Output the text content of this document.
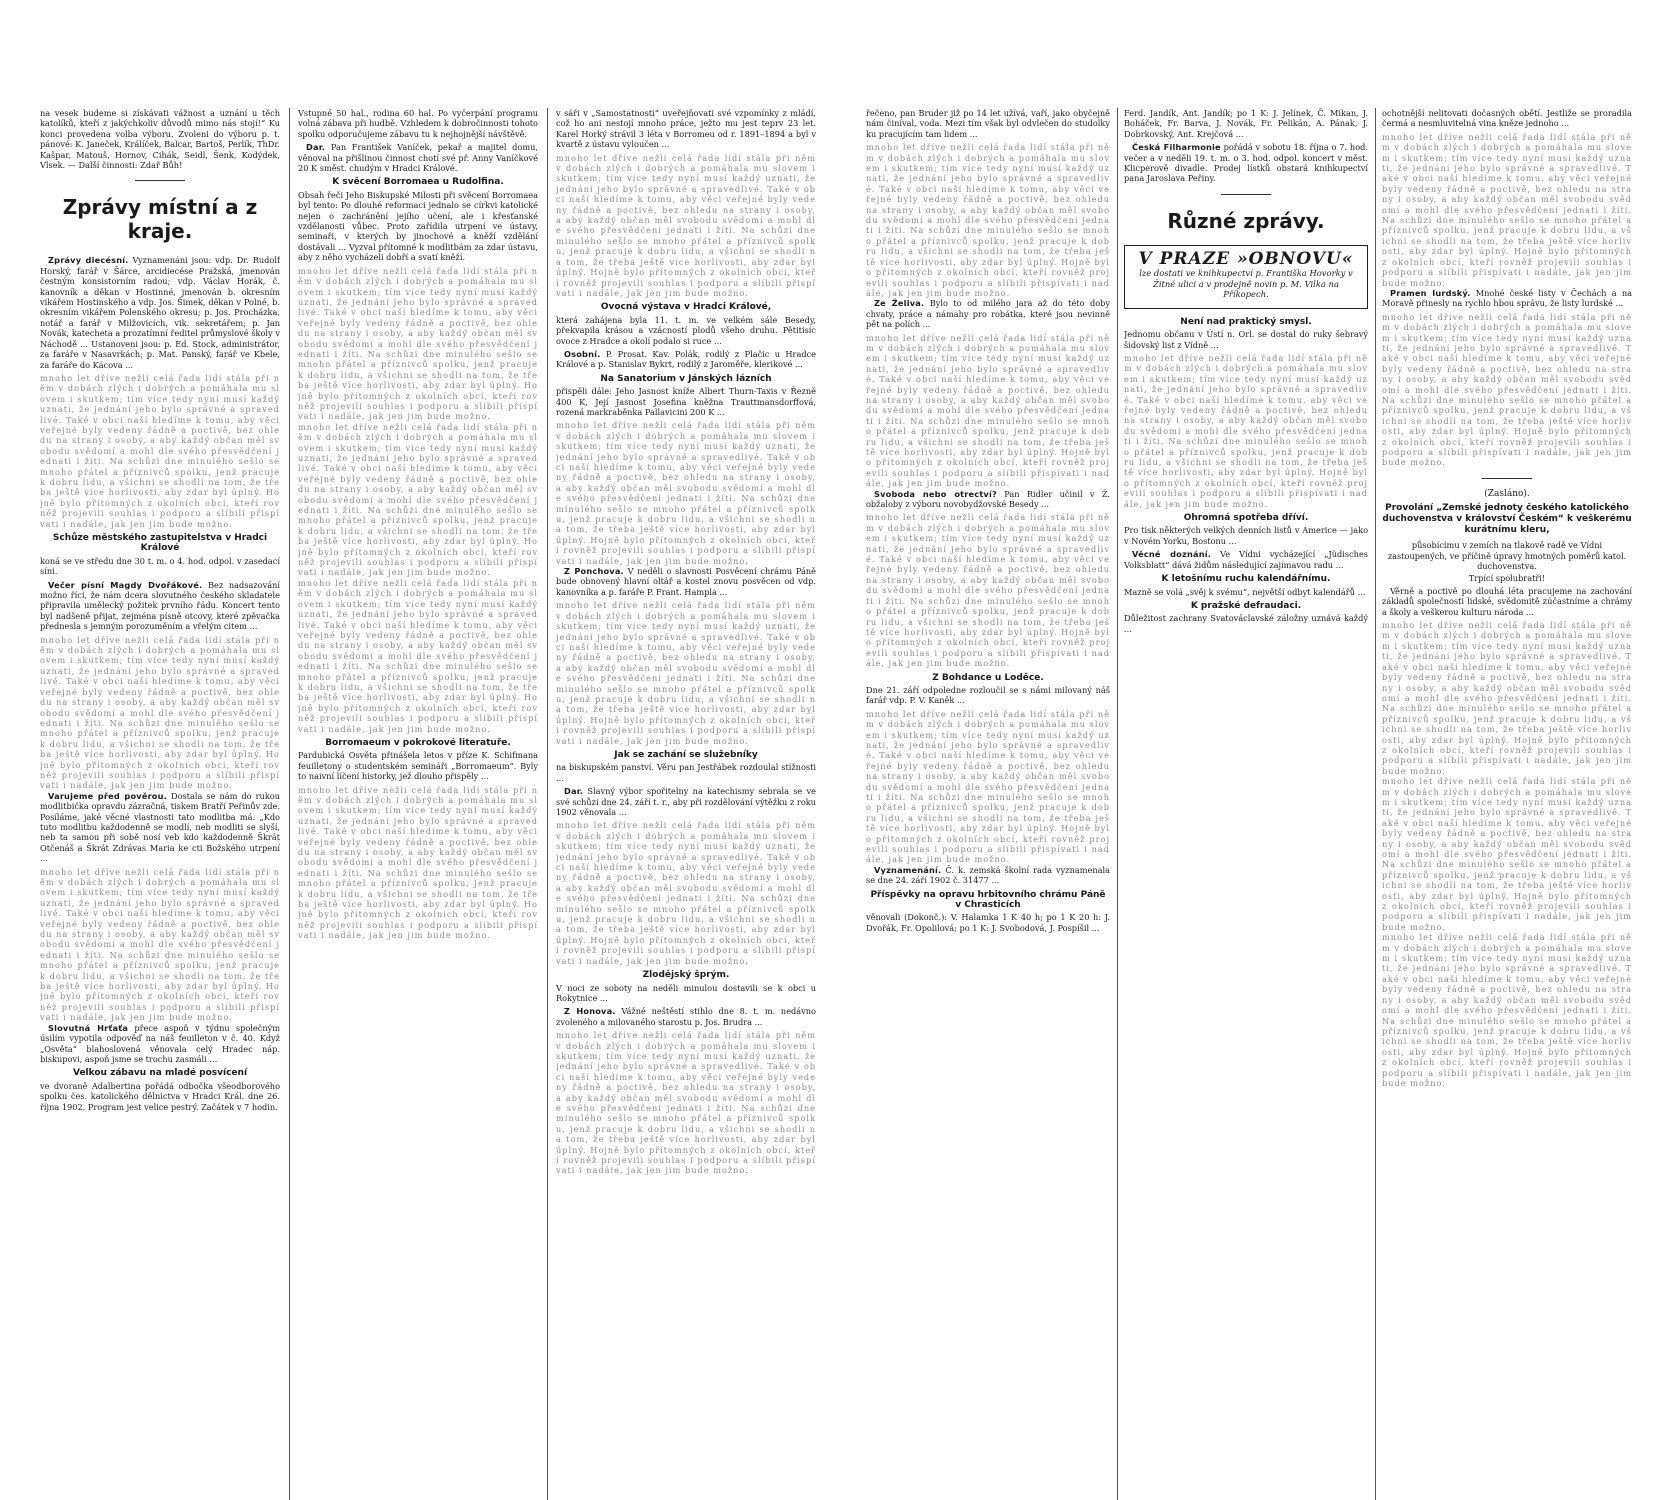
na vesek budeme si získávati vážnost a uznání u těch katolíků, kteří z jakýchkoliv důvodů mimo nás stojí!“ Ku konci provedena volba výboru. Zvoleni do výboru p. t. pánové: K. Janeček, Králíček, Balcar, Bartoš, Perlík, ThDr. Kašpar, Matouš, Hornov, Cihák, Seidl, Šenk, Kodýdek, Vlsek. — Další činnosti: Zdař Bůh!

Zprávy místní a z kraje.

Zprávy diecésní. Vyznamenáni jsou: vdp. Dr. Rudolf Horský, farář v Šárce, arcidiecése Pražská, jmenován čestným konsistorním radou; vdp. Václav Horák, č. kanovník a děkan v Hostinné, jmenován b. okresním vikářem Hostinského a vdp. Jos. Šimek, děkan v Polné, b. okresním vikářem Polenského okresu; p. Jos. Procházka, notář a farář v Milžovicích, vik. sekretářem; p. Jan Novák, katecheta a prozatímní ředitel průmyslové školy v Náchodě ... Ustanoveni jsou: p. Ed. Stock, administrátor, za faráře v Nasavrkách; p. Mat. Panský, farář ve Kbele, za faráře do Kácova ...

mnoho let dříve nežli celá řada lidí stála při něm v dobách zlých i dobrých a pomáhala mu slovem i skutkem; tím více tedy nyní musí každý uznati, že jednání jeho bylo správné a spravedlivé. Také v obci naší hledíme k tomu, aby věci veřejné byly vedeny řádně a poctivě, bez ohledu na strany i osoby, a aby každý občan měl svobodu svědomí a mohl dle svého přesvědčení jednati i žíti. Na schůzi dne minulého sešlo se mnoho přátel a příznivců spolku, jenž pracuje k dobru lidu, a všichni se shodli na tom, že třeba ještě více horlivosti, aby zdar byl úplný. Hojně bylo přítomných z okolních obcí, kteří rovněž projevili souhlas i podporu a slíbili přispívati i nadále, jak jen jim bude možno.
Schůze městského zastupitelstva v Hradci Králové

koná se ve středu dne 30 t. m. o 4. hod. odpol. v zasedací síni.

Večer písní Magdy Dvořákové. Bez nadsazování možno říci, že nám dcera slovutného českého skladatele připravila umělecký požitek prvního řádu. Koncert tento byl nadšeně přijat, zejména písně otcovy, které zpěvačka přednesla s jemným porozuměním a vřelým citem ...

mnoho let dříve nežli celá řada lidí stála při něm v dobách zlých i dobrých a pomáhala mu slovem i skutkem; tím více tedy nyní musí každý uznati, že jednání jeho bylo správné a spravedlivé. Také v obci naší hledíme k tomu, aby věci veřejné byly vedeny řádně a poctivě, bez ohledu na strany i osoby, a aby každý občan měl svobodu svědomí a mohl dle svého přesvědčení jednati i žíti. Na schůzi dne minulého sešlo se mnoho přátel a příznivců spolku, jenž pracuje k dobru lidu, a všichni se shodli na tom, že třeba ještě více horlivosti, aby zdar byl úplný. Hojně bylo přítomných z okolních obcí, kteří rovněž projevili souhlas i podporu a slíbili přispívati i nadále, jak jen jim bude možno.

Varujeme před pověrou. Dostala se nám do rukou modlitbička opravdu zázračná, tiskem Bratří Peřinův zde. Posíláme, jaké věcné vlastnosti tato modlitba má. „Kdo tuto modlitbu každodenně se modlí, neb modliti se slyší, neb ta samou při sobě nosí veb kdo každodenně Škrát Otčenáš a Škrát Zdrávas Maria ke cti Božského utrpení ...

mnoho let dříve nežli celá řada lidí stála při něm v dobách zlých i dobrých a pomáhala mu slovem i skutkem; tím více tedy nyní musí každý uznati, že jednání jeho bylo správné a spravedlivé. Také v obci naší hledíme k tomu, aby věci veřejné byly vedeny řádně a poctivě, bez ohledu na strany i osoby, a aby každý občan měl svobodu svědomí a mohl dle svého přesvědčení jednati i žíti. Na schůzi dne minulého sešlo se mnoho přátel a příznivců spolku, jenž pracuje k dobru lidu, a všichni se shodli na tom, že třeba ještě více horlivosti, aby zdar byl úplný. Hojně bylo přítomných z okolních obcí, kteří rovněž projevili souhlas i podporu a slíbili přispívati i nadále, jak jen jim bude možno.

Slovutná Hrťaťa přece aspoň v týdnu společným úsilím vypotila odpověď na náš feuilleton v č. 40. Když „Osvěta“ blahoslovená věnovala celý Hradec náp. biskupovi, aspoň jsme se trochu zasmáli ...

Velkou zábavu na mladé posvícení

ve dvoraně Adalbertina pořádá odbočka všeodborového spolku čes. katolického dělnictva v Hradci Král. dne 26. října 1902. Program jest velice pestrý. Začátek v 7 hodin.

Vstupné 50 hal., rodina 60 hal. Po vyčerpání programu volná zábava při hudbě. Vzhledem k dobročinnosti tohoto spolku odporučujeme zábavu tu k nejhojnější návštěvě.

Dar. Pan František Vaníček, pekař a majitel domu, věnoval na přišlinou činnost chotí své př. Anny Vaníčkové 20 K směst. chudým v Hradci Králové.

K svěcení Borromaea u Rudolfina.

Obsah řeči Jeho Biskupské Milosti při svěcení Borromaea byl tento: Po dlouhé reformaci jednalo se církvi katolické nejen o zachránění jejího učení, ale i křesťanské vzdělanosti vůbec. Proto zařídila utrpení ve ústavy, seminaři, v kterých by jinochové a kněží vzdělání dostávali ... Vyzval přítomné k modlitbám za zdar ústavu, aby z něho vycházeli dobří a svatí kněží.

mnoho let dříve nežli celá řada lidí stála při něm v dobách zlých i dobrých a pomáhala mu slovem i skutkem; tím více tedy nyní musí každý uznati, že jednání jeho bylo správné a spravedlivé. Také v obci naší hledíme k tomu, aby věci veřejné byly vedeny řádně a poctivě, bez ohledu na strany i osoby, a aby každý občan měl svobodu svědomí a mohl dle svého přesvědčení jednati i žíti. Na schůzi dne minulého sešlo se mnoho přátel a příznivců spolku, jenž pracuje k dobru lidu, a všichni se shodli na tom, že třeba ještě více horlivosti, aby zdar byl úplný. Hojně bylo přítomných z okolních obcí, kteří rovněž projevili souhlas i podporu a slíbili přispívati i nadále, jak jen jim bude možno.
mnoho let dříve nežli celá řada lidí stála při něm v dobách zlých i dobrých a pomáhala mu slovem i skutkem; tím více tedy nyní musí každý uznati, že jednání jeho bylo správné a spravedlivé. Také v obci naší hledíme k tomu, aby věci veřejné byly vedeny řádně a poctivě, bez ohledu na strany i osoby, a aby každý občan měl svobodu svědomí a mohl dle svého přesvědčení jednati i žíti. Na schůzi dne minulého sešlo se mnoho přátel a příznivců spolku, jenž pracuje k dobru lidu, a všichni se shodli na tom, že třeba ještě více horlivosti, aby zdar byl úplný. Hojně bylo přítomných z okolních obcí, kteří rovněž projevili souhlas i podporu a slíbili přispívati i nadále, jak jen jim bude možno.
mnoho let dříve nežli celá řada lidí stála při něm v dobách zlých i dobrých a pomáhala mu slovem i skutkem; tím více tedy nyní musí každý uznati, že jednání jeho bylo správné a spravedlivé. Také v obci naší hledíme k tomu, aby věci veřejné byly vedeny řádně a poctivě, bez ohledu na strany i osoby, a aby každý občan měl svobodu svědomí a mohl dle svého přesvědčení jednati i žíti. Na schůzi dne minulého sešlo se mnoho přátel a příznivců spolku, jenž pracuje k dobru lidu, a všichni se shodli na tom, že třeba ještě více horlivosti, aby zdar byl úplný. Hojně bylo přítomných z okolních obcí, kteří rovněž projevili souhlas i podporu a slíbili přispívati i nadále, jak jen jim bude možno.
Borromaeum v pokrokové literatuře.

Pardubická Osvěta přinášela letos v příze K. Schifmana feuilletony o studentském semináři „Borromaeum“. Byly to naivní líčení historky, jež dlouho přispěly ...

mnoho let dříve nežli celá řada lidí stála při něm v dobách zlých i dobrých a pomáhala mu slovem i skutkem; tím více tedy nyní musí každý uznati, že jednání jeho bylo správné a spravedlivé. Také v obci naší hledíme k tomu, aby věci veřejné byly vedeny řádně a poctivě, bez ohledu na strany i osoby, a aby každý občan měl svobodu svědomí a mohl dle svého přesvědčení jednati i žíti. Na schůzi dne minulého sešlo se mnoho přátel a příznivců spolku, jenž pracuje k dobru lidu, a všichni se shodli na tom, že třeba ještě více horlivosti, aby zdar byl úplný. Hojně bylo přítomných z okolních obcí, kteří rovněž projevili souhlas i podporu a slíbili přispívati i nadále, jak jen jim bude možno.

v sáři v „Samostatnosti“ uveřejňovati své vzpomínky z mládí, což ho ani nestojí mnoho práce, ježto mu jest teprv 23 let. Karel Horký strávil 3 léta v Borromeu od r. 1891–1894 a byl v kvartě z ústavu vyloučen ...

mnoho let dříve nežli celá řada lidí stála při něm v dobách zlých i dobrých a pomáhala mu slovem i skutkem; tím více tedy nyní musí každý uznati, že jednání jeho bylo správné a spravedlivé. Také v obci naší hledíme k tomu, aby věci veřejné byly vedeny řádně a poctivě, bez ohledu na strany i osoby, a aby každý občan měl svobodu svědomí a mohl dle svého přesvědčení jednati i žíti. Na schůzi dne minulého sešlo se mnoho přátel a příznivců spolku, jenž pracuje k dobru lidu, a všichni se shodli na tom, že třeba ještě více horlivosti, aby zdar byl úplný. Hojně bylo přítomných z okolních obcí, kteří rovněž projevili souhlas i podporu a slíbili přispívati i nadále, jak jen jim bude možno.
Ovocná výstava v Hradci Králové,

která zahájena byla 11. t. m. ve velkém sále Besedy, překvapila krásou a vzácností plodů všeho druhu. Pětitisíc ovoce z Hradce a okolí podalo si ruce ...

Osobní. P. Prosat. Kav. Polák, rodilý z Plačic u Hradce Králové a p. Stanislav Bykrt, rodilý z Jaroměře, klerikové ...

Na Sanatorium v Jánských lázních

přispěli dále: Jeho Jasnost kníže Albert Thurn-Taxis v Řezně 400 K, Její Jasnost Josefina kněžna Trauttmansdorffová, rozená markraběnka Pallavicini 200 K ...

mnoho let dříve nežli celá řada lidí stála při něm v dobách zlých i dobrých a pomáhala mu slovem i skutkem; tím více tedy nyní musí každý uznati, že jednání jeho bylo správné a spravedlivé. Také v obci naší hledíme k tomu, aby věci veřejné byly vedeny řádně a poctivě, bez ohledu na strany i osoby, a aby každý občan měl svobodu svědomí a mohl dle svého přesvědčení jednati i žíti. Na schůzi dne minulého sešlo se mnoho přátel a příznivců spolku, jenž pracuje k dobru lidu, a všichni se shodli na tom, že třeba ještě více horlivosti, aby zdar byl úplný. Hojně bylo přítomných z okolních obcí, kteří rovněž projevili souhlas i podporu a slíbili přispívati i nadále, jak jen jim bude možno.

Z Ponchova. V neděli o slavnosti Posvěcení chrámu Páně bude obnovený hlavní oltář a kostel znovu posvěcen od vdp. kanovníka a p. faráře P. Frant. Hampla ...

mnoho let dříve nežli celá řada lidí stála při něm v dobách zlých i dobrých a pomáhala mu slovem i skutkem; tím více tedy nyní musí každý uznati, že jednání jeho bylo správné a spravedlivé. Také v obci naší hledíme k tomu, aby věci veřejné byly vedeny řádně a poctivě, bez ohledu na strany i osoby, a aby každý občan měl svobodu svědomí a mohl dle svého přesvědčení jednati i žíti. Na schůzi dne minulého sešlo se mnoho přátel a příznivců spolku, jenž pracuje k dobru lidu, a všichni se shodli na tom, že třeba ještě více horlivosti, aby zdar byl úplný. Hojně bylo přítomných z okolních obcí, kteří rovněž projevili souhlas i podporu a slíbili přispívati i nadále, jak jen jim bude možno.
Jak se zachání se služebníky

na biskupském panství. Věru pan Jestřábek rozdoulal stížnosti ...

Dar. Slavný výbor spořitelny na katechismy sebrala se ve své schůzi dne 24. září t. r., aby při rozdělování výtěžku z roku 1902 věnovala ...

mnoho let dříve nežli celá řada lidí stála při něm v dobách zlých i dobrých a pomáhala mu slovem i skutkem; tím více tedy nyní musí každý uznati, že jednání jeho bylo správné a spravedlivé. Také v obci naší hledíme k tomu, aby věci veřejné byly vedeny řádně a poctivě, bez ohledu na strany i osoby, a aby každý občan měl svobodu svědomí a mohl dle svého přesvědčení jednati i žíti. Na schůzi dne minulého sešlo se mnoho přátel a příznivců spolku, jenž pracuje k dobru lidu, a všichni se shodli na tom, že třeba ještě více horlivosti, aby zdar byl úplný. Hojně bylo přítomných z okolních obcí, kteří rovněž projevili souhlas i podporu a slíbili přispívati i nadále, jak jen jim bude možno.
Zlodějský šprým.

V noci ze soboty na neděli minulou dostavili se k obci u Rokytnice ...

Z Honova. Vážné neštěstí stihlo dne 8. t. m. nedávno zvoleného a milovaného starostu p. Jos. Brudra ...

mnoho let dříve nežli celá řada lidí stála při něm v dobách zlých i dobrých a pomáhala mu slovem i skutkem; tím více tedy nyní musí každý uznati, že jednání jeho bylo správné a spravedlivé. Také v obci naší hledíme k tomu, aby věci veřejné byly vedeny řádně a poctivě, bez ohledu na strany i osoby, a aby každý občan měl svobodu svědomí a mohl dle svého přesvědčení jednati i žíti. Na schůzi dne minulého sešlo se mnoho přátel a příznivců spolku, jenž pracuje k dobru lidu, a všichni se shodli na tom, že třeba ještě více horlivosti, aby zdar byl úplný. Hojně bylo přítomných z okolních obcí, kteří rovněž projevili souhlas i podporu a slíbili přispívati i nadále, jak jen jim bude možno.

řečeno, pan Bruder již po 14 let užívá, vaří, jako obyčejně nám činíval, voda. Mezi tím však byl odvlečen do studolky ku pracujícím tam lidem ...

mnoho let dříve nežli celá řada lidí stála při něm v dobách zlých i dobrých a pomáhala mu slovem i skutkem; tím více tedy nyní musí každý uznati, že jednání jeho bylo správné a spravedlivé. Také v obci naší hledíme k tomu, aby věci veřejné byly vedeny řádně a poctivě, bez ohledu na strany i osoby, a aby každý občan měl svobodu svědomí a mohl dle svého přesvědčení jednati i žíti. Na schůzi dne minulého sešlo se mnoho přátel a příznivců spolku, jenž pracuje k dobru lidu, a všichni se shodli na tom, že třeba ještě více horlivosti, aby zdar byl úplný. Hojně bylo přítomných z okolních obcí, kteří rovněž projevili souhlas i podporu a slíbili přispívati i nadále, jak jen jim bude možno.

Ze Želiva. Bylo to od milého jara až do této doby chvaty, práce a námahy pro robátka, které jsou nevinně pět na polích ...

mnoho let dříve nežli celá řada lidí stála při něm v dobách zlých i dobrých a pomáhala mu slovem i skutkem; tím více tedy nyní musí každý uznati, že jednání jeho bylo správné a spravedlivé. Také v obci naší hledíme k tomu, aby věci veřejné byly vedeny řádně a poctivě, bez ohledu na strany i osoby, a aby každý občan měl svobodu svědomí a mohl dle svého přesvědčení jednati i žíti. Na schůzi dne minulého sešlo se mnoho přátel a příznivců spolku, jenž pracuje k dobru lidu, a všichni se shodli na tom, že třeba ještě více horlivosti, aby zdar byl úplný. Hojně bylo přítomných z okolních obcí, kteří rovněž projevili souhlas i podporu a slíbili přispívati i nadále, jak jen jim bude možno.

Svoboda nebo otrectví? Pan Ridler učinil v Ž. obžaloby z výboru novobydžovské Besedy ...

mnoho let dříve nežli celá řada lidí stála při něm v dobách zlých i dobrých a pomáhala mu slovem i skutkem; tím více tedy nyní musí každý uznati, že jednání jeho bylo správné a spravedlivé. Také v obci naší hledíme k tomu, aby věci veřejné byly vedeny řádně a poctivě, bez ohledu na strany i osoby, a aby každý občan měl svobodu svědomí a mohl dle svého přesvědčení jednati i žíti. Na schůzi dne minulého sešlo se mnoho přátel a příznivců spolku, jenž pracuje k dobru lidu, a všichni se shodli na tom, že třeba ještě více horlivosti, aby zdar byl úplný. Hojně bylo přítomných z okolních obcí, kteří rovněž projevili souhlas i podporu a slíbili přispívati i nadále, jak jen jim bude možno.
Z Bohdance u Loděce.

Dne 21. září odpoledne rozloučil se s námi milovaný náš farář vdp. P. V. Kaněk ...

mnoho let dříve nežli celá řada lidí stála při něm v dobách zlých i dobrých a pomáhala mu slovem i skutkem; tím více tedy nyní musí každý uznati, že jednání jeho bylo správné a spravedlivé. Také v obci naší hledíme k tomu, aby věci veřejné byly vedeny řádně a poctivě, bez ohledu na strany i osoby, a aby každý občan měl svobodu svědomí a mohl dle svého přesvědčení jednati i žíti. Na schůzi dne minulého sešlo se mnoho přátel a příznivců spolku, jenž pracuje k dobru lidu, a všichni se shodli na tom, že třeba ještě více horlivosti, aby zdar byl úplný. Hojně bylo přítomných z okolních obcí, kteří rovněž projevili souhlas i podporu a slíbili přispívati i nadále, jak jen jim bude možno.

Vyznamenání. Č. k. zemská školní rada vyznamenala se dne 24. září 1902 č. 31477 ...

Příspěvky na opravu hrbitovního chrámu Páně v Chrasticích

věnovali (Dokonč.): V. Halamka 1 K 40 h; po 1 K 20 h: J. Dvořák, Fr. Opolilová; po 1 K: J. Svobodová, J. Pospíšil ...

Ferd. Jandík, Ant. Jandík; po 1 K: J. Jelínek, Č. Mikan, J. Boháček, Fr. Barva, J. Novák, Fr. Pelikán, A. Pának, J. Dobrkovský, Ant. Krejčová ...

Česká Filharmonie pořádá v sobotu 18. října o 7. hod. večer a v neděli 19. t. m. o 3. hod. odpol. koncert v měst. Klicperově divadle. Prodej lístků obstará knihkupectví pana Jaroslava Peřiny.

Různé zprávy.
V PRAZE »OBNOVU«
lze dostati ve knihkupectví p. Františka Hovorky v Žitné ulici a v prodejně novin p. M. Vilka na Příkopech.
Není nad praktický smysl.

Jednomu občanu v Ústí n. Orl. se dostal do ruky šebravý šidovský list z Vídně ...

mnoho let dříve nežli celá řada lidí stála při něm v dobách zlých i dobrých a pomáhala mu slovem i skutkem; tím více tedy nyní musí každý uznati, že jednání jeho bylo správné a spravedlivé. Také v obci naší hledíme k tomu, aby věci veřejné byly vedeny řádně a poctivě, bez ohledu na strany i osoby, a aby každý občan měl svobodu svědomí a mohl dle svého přesvědčení jednati i žíti. Na schůzi dne minulého sešlo se mnoho přátel a příznivců spolku, jenž pracuje k dobru lidu, a všichni se shodli na tom, že třeba ještě více horlivosti, aby zdar byl úplný. Hojně bylo přítomných z okolních obcí, kteří rovněž projevili souhlas i podporu a slíbili přispívati i nadále, jak jen jim bude možno.
Ohromná spotřeba dříví.

Pro tisk některých velkých denních listů v Americe — jako v Novém Yorku, Bostonu ...

Věcné doznání. Ve Vídni vycházející „Jüdisches Volksblatt“ dává židům následující zajímavou radu ...

K letošnímu ruchu kalendářnímu.

Mazně se volá „svěj k svému“, největší odbyt kalendářů ...

K pražské defraudaci.

Důležitost zachrany Svatováclavské záložny uznává každý ...

ochotnější nelitovati dočasných obětí. Jestliže se proradila čermá a nesmluvitelná vina kněze jednoho ...

mnoho let dříve nežli celá řada lidí stála při něm v dobách zlých i dobrých a pomáhala mu slovem i skutkem; tím více tedy nyní musí každý uznati, že jednání jeho bylo správné a spravedlivé. Také v obci naší hledíme k tomu, aby věci veřejné byly vedeny řádně a poctivě, bez ohledu na strany i osoby, a aby každý občan měl svobodu svědomí a mohl dle svého přesvědčení jednati i žíti. Na schůzi dne minulého sešlo se mnoho přátel a příznivců spolku, jenž pracuje k dobru lidu, a všichni se shodli na tom, že třeba ještě více horlivosti, aby zdar byl úplný. Hojně bylo přítomných z okolních obcí, kteří rovněž projevili souhlas i podporu a slíbili přispívati i nadále, jak jen jim bude možno.

Pramen lurdský. Mnohé české listy v Čechách a na Moravě přinesly na rychlo hbou správu, že listy lurdské ...

mnoho let dříve nežli celá řada lidí stála při něm v dobách zlých i dobrých a pomáhala mu slovem i skutkem; tím více tedy nyní musí každý uznati, že jednání jeho bylo správné a spravedlivé. Také v obci naší hledíme k tomu, aby věci veřejné byly vedeny řádně a poctivě, bez ohledu na strany i osoby, a aby každý občan měl svobodu svědomí a mohl dle svého přesvědčení jednati i žíti. Na schůzi dne minulého sešlo se mnoho přátel a příznivců spolku, jenž pracuje k dobru lidu, a všichni se shodli na tom, že třeba ještě více horlivosti, aby zdar byl úplný. Hojně bylo přítomných z okolních obcí, kteří rovněž projevili souhlas i podporu a slíbili přispívati i nadále, jak jen jim bude možno.
(Zasláno).
Provolání „Zemské jednoty českého katolického duchovenstva v království Českém“ k veškerému kurátnímu kleru,
působícímu v zemích na tlakově radě ve Vídni zastoupených, ve příčině úpravy hmotných poměrů katol. duchovenstva.
Trpící spolubratři!

Věrně a poctivě po dlouhá léta pracujeme na zachování základů společnosti lidské, svědomitě zúčastníme a chrámy a školy a veškerou kulturu národa ...

mnoho let dříve nežli celá řada lidí stála při něm v dobách zlých i dobrých a pomáhala mu slovem i skutkem; tím více tedy nyní musí každý uznati, že jednání jeho bylo správné a spravedlivé. Také v obci naší hledíme k tomu, aby věci veřejné byly vedeny řádně a poctivě, bez ohledu na strany i osoby, a aby každý občan měl svobodu svědomí a mohl dle svého přesvědčení jednati i žíti. Na schůzi dne minulého sešlo se mnoho přátel a příznivců spolku, jenž pracuje k dobru lidu, a všichni se shodli na tom, že třeba ještě více horlivosti, aby zdar byl úplný. Hojně bylo přítomných z okolních obcí, kteří rovněž projevili souhlas i podporu a slíbili přispívati i nadále, jak jen jim bude možno.
mnoho let dříve nežli celá řada lidí stála při něm v dobách zlých i dobrých a pomáhala mu slovem i skutkem; tím více tedy nyní musí každý uznati, že jednání jeho bylo správné a spravedlivé. Také v obci naší hledíme k tomu, aby věci veřejné byly vedeny řádně a poctivě, bez ohledu na strany i osoby, a aby každý občan měl svobodu svědomí a mohl dle svého přesvědčení jednati i žíti. Na schůzi dne minulého sešlo se mnoho přátel a příznivců spolku, jenž pracuje k dobru lidu, a všichni se shodli na tom, že třeba ještě více horlivosti, aby zdar byl úplný. Hojně bylo přítomných z okolních obcí, kteří rovněž projevili souhlas i podporu a slíbili přispívati i nadále, jak jen jim bude možno.
mnoho let dříve nežli celá řada lidí stála při něm v dobách zlých i dobrých a pomáhala mu slovem i skutkem; tím více tedy nyní musí každý uznati, že jednání jeho bylo správné a spravedlivé. Také v obci naší hledíme k tomu, aby věci veřejné byly vedeny řádně a poctivě, bez ohledu na strany i osoby, a aby každý občan měl svobodu svědomí a mohl dle svého přesvědčení jednati i žíti. Na schůzi dne minulého sešlo se mnoho přátel a příznivců spolku, jenž pracuje k dobru lidu, a všichni se shodli na tom, že třeba ještě více horlivosti, aby zdar byl úplný. Hojně bylo přítomných z okolních obcí, kteří rovněž projevili souhlas i podporu a slíbili přispívati i nadále, jak jen jim bude možno.
